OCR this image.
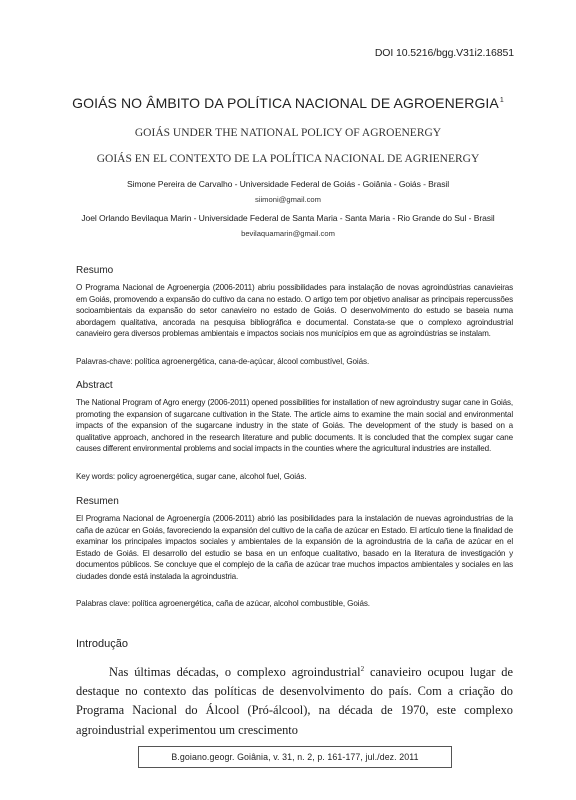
DOI 10.5216/bgg.V31i2.16851
GOIÁS NO ÂMBITO DA POLÍTICA NACIONAL DE AGROENERGIA$^1$
GOIÁS UNDER THE NATIONAL POLICY OF AGROENERGY
GOIÁS EN EL CONTEXTO DE LA POLÍTICA NACIONAL DE AGRIENERGY
Simone Pereira de Carvalho - Universidade Federal de Goiás - Goiânia - Goiás - Brasil
siimoni@gmail.com
Joel Orlando Bevilaqua Marin - Universidade Federal de Santa Maria - Santa Maria - Rio Grande do Sul - Brasil
bevilaquamarin@gmail.com
Resumo

O Programa Nacional de Agroenergia (2006-2011) abriu possibilidades para instalação de novas agroindústrias canavieiras em Goiás, promovendo a expansão do cultivo da cana no estado. O artigo tem por objetivo analisar as principais repercussões socioambientais da expansão do setor canavieiro no estado de Goiás. O desenvolvimento do estudo se baseia numa abordagem qualitativa, ancorada na pesquisa bibliográfica e documental. Constata-se que o complexo agroindustrial canavieiro gera diversos problemas ambientais e impactos sociais nos municípios em que as agroindústrias se instalam.

Palavras-chave: política agroenergética, cana-de-açúcar, álcool combustível, Goiás.
Abstract

The National Program of Agro energy (2006-2011) opened possibilities for installation of new agroindustry sugar cane in Goiás, promoting the expansion of sugarcane cultivation in the State. The article aims to examine the main social and environmental impacts of the expansion of the sugarcane industry in the state of Goiás. The development of the study is based on a qualitative approach, anchored in the research literature and public documents. It is concluded that the complex sugar cane causes different environmental problems and social impacts in the counties where the agricultural industries are installed.

Key words: policy agroenergética, sugar cane, alcohol fuel, Goiás.
Resumen

El Programa Nacional de Agroenergía (2006-2011) abrió las posibilidades para la instalación de nuevas agroindustrias de la caña de azúcar en Goiás, favoreciendo la expansión del cultivo de la caña de azúcar en Estado. El artículo tiene la finalidad de examinar los principales impactos sociales y ambientales de la expansión de la agroindustria de la caña de azúcar en el Estado de Goiás. El desarrollo del estudio se basa en un enfoque cualitativo, basado en la literatura de investigación y documentos públicos. Se concluye que el complejo de la caña de azúcar trae muchos impactos ambientales y sociales en las ciudades donde está instalada la agroindustria.

Palabras clave: política agroenergética, caña de azúcar, alcohol combustible, Goiás.
Introdução

Nas últimas décadas, o complexo agroindustrial$^2$ canavieiro ocupou lugar de destaque no contexto das políticas de desenvolvimento do país. Com a criação do Programa Nacional do Álcool (Pró-álcool), na década de 1970, este complexo agroindustrial experimentou um crescimento

B.goiano.geogr. Goiânia, v. 31, n. 2, p. 161-177, jul./dez. 2011
